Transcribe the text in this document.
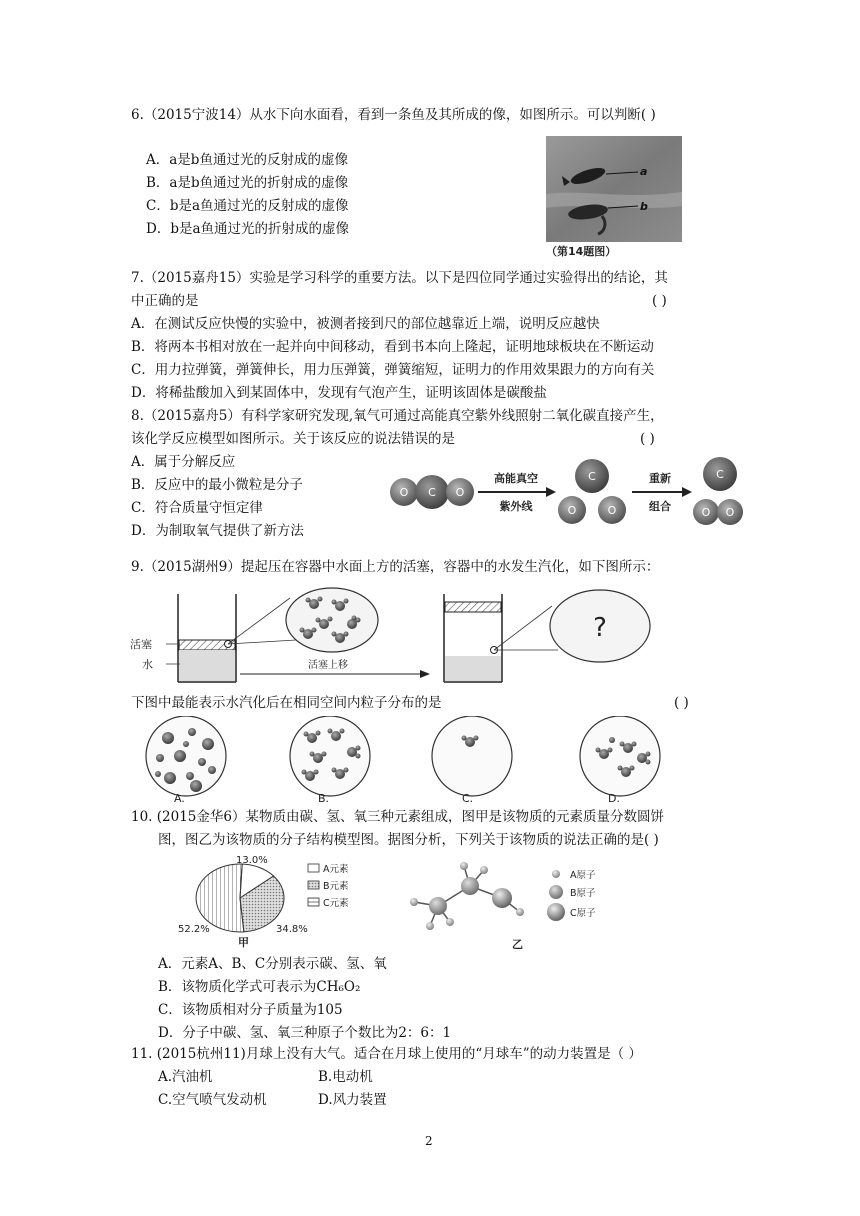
6.（2015宁波14）从水下向水面看，看到一条鱼及其所成的像，如图所示。可以判断( )
A．a是b鱼通过光的反射成的虚像
B．a是b鱼通过光的折射成的虚像
C．b是a鱼通过光的反射成的虚像
D．b是a鱼通过光的折射成的虚像
a
b
（第14题图）
7.（2015嘉舟15）实验是学习科学的重要方法。以下是四位同学通过实验得出的结论，其
中正确的是	( )
A．在测试反应快慢的实验中，被测者接到尺的部位越靠近上端，说明反应越快
B．将两本书相对放在一起并向中间移动，看到书本向上隆起，证明地球板块在不断运动
C．用力拉弹簧，弹簧伸长，用力压弹簧，弹簧缩短，证明力的作用效果跟力的方向有关
D．将稀盐酸加入到某固体中，发现有气泡产生，证明该固体是碳酸盐
8.（2015嘉舟5）有科学家研究发现,氧气可通过高能真空紫外线照射二氧化碳直接产生，
该化学反应模型如图所示。关于该反应的说法错误的是	( )
A．属于分解反应
B．反应中的最小微粒是分子
C．符合质量守恒定律
D．为制取氧气提供了新方法
O C O
高能真空
紫外线
C
O	O
重新
组合
C
O O
9.（2015湖州9）提起压在容器中水面上方的活塞，容器中的水发生汽化，如下图所示：
活塞
水	活塞上移
?
下图中最能表示水汽化后在相同空间内粒子分布的是	( )
A.	B.	C.	D.
10. (2015金华6）某物质由碳、氢、氧三种元素组成，图甲是该物质的元素质量分数圆饼
图，图乙为该物质的分子结构模型图。据图分析，下列关于该物质的说法正确的是( )
13.0%
34.8%
52.2%
A元素
B元素
C元素
甲
A原子
B原子
C原子
乙
A．元素A、B、C分别表示碳、氢、氧
B．该物质化学式可表示为CH₆O₂
C．该物质相对分子质量为105
D．分子中碳、氢、氧三种原子个数比为2：6：1
11. (2015杭州11)月球上没有大气。适合在月球上使用的“月球车”的动力装置是（ ）
A.汽油机	B.电动机
C.空气喷气发动机	D.风力装置
2
